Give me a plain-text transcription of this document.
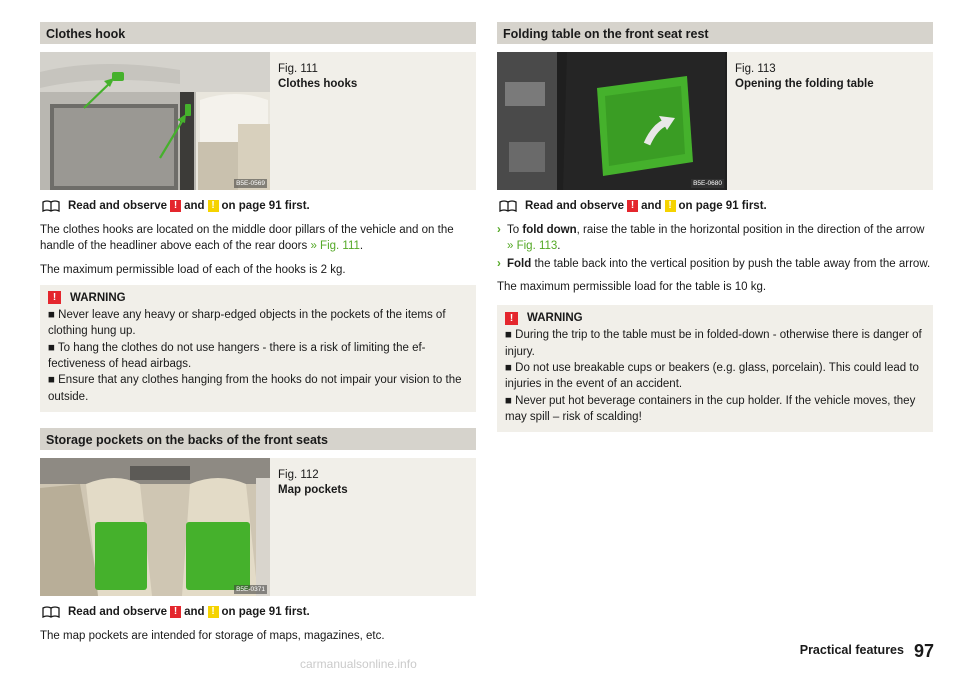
Clothes hook
B5E-0569
Fig. 111
Clothes hooks
Read and observe ! and ! on page 91 first.

The clothes hooks are located on the middle door pillars of the vehicle and on the handle of the headliner above each of the rear doors » Fig. 111.

The maximum permissible load of each of the hooks is 2 kg.

!	WARNING

■ Never leave any heavy or sharp-edged objects in the pockets of the items of clothing hung up.

■ To hang the clothes do not use hangers - there is a risk of limiting the ef-fectiveness of head airbags.

■ Ensure that any clothes hanging from the hooks do not impair your vision to the outside.

Storage pockets on the backs of the front seats
B5E-0371
Fig. 112
Map pockets
Read and observe ! and ! on page 91 first.

The map pockets are intended for storage of maps, magazines, etc.

Folding table on the front seat rest
B5E-0680
Fig. 113
Opening the folding table
Read and observe ! and ! on page 91 first.
› To fold down, raise the table in the horizontal position in the direction of the arrow » Fig. 113.
› Fold the table back into the vertical position by push the table away from the arrow.

The maximum permissible load for the table is 10 kg.

!	WARNING

■ During the trip to the table must be in folded-down - otherwise there is danger of injury.

■ Do not use breakable cups or beakers (e.g. glass, porcelain). This could lead to injuries in the event of an accident.

■ Never put hot beverage containers in the cup holder. If the vehicle moves, they may spill – risk of scalding!

Practical features 97
carmanualsonline.info
